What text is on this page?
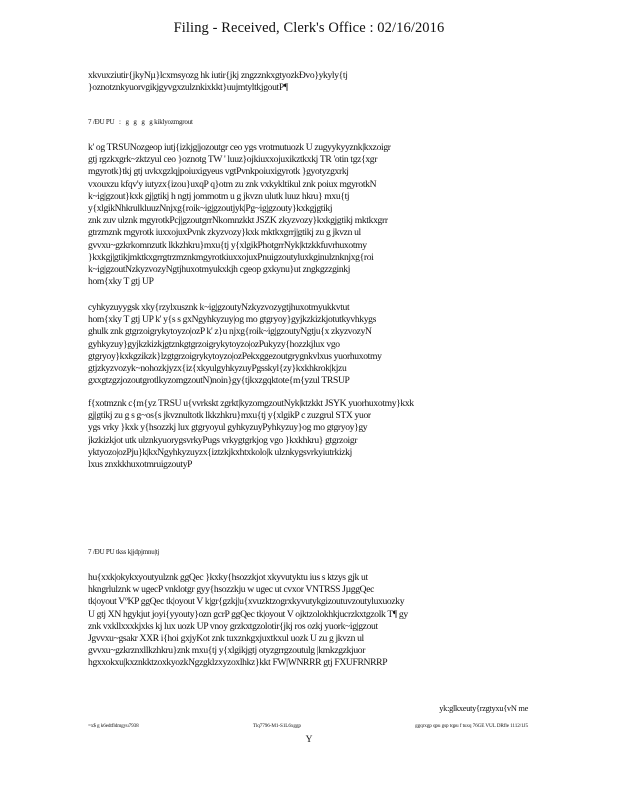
Filing - Received, Clerk's Office : 02/16/2016
xkvuxziutir{jkyNµ}lcxmsyozg hk iutir{jkj zngzznkxgtyozkÐvo}ykyly{tj
}oznotznkyuorvgikjgyvgxzulznkixkkt}uujmtyltkjgoutP¶
7 /ÐU PU   :   g   g   g   g kiklyozmgrout
k' og TRSUNozgeop iutj{izkjg|jozoutgr ceo ygs vrotmutuozk U zugyykyyznk|kxzoigr
gtj rgzkxgrk~zktzyul ceo }oznotg TW ' luuz}ojkiuxxojuxikztkxkj TR 'otin tgz{xgr
mgyrotk}tkj gtj uvkxgzlqjpoiuxigyeus vgtPvnkpoiuxigyrotk }gyotyzgxrkj
vxouxzu kfqv'y iutyzx{izou}uxqP q}otm zu znk vxkykltikul znk poiux mgyrotkN
k~ig|gzout}kxk gj|gtikj h ngtj jommotm u g jkvzn ulutk luuz hkru} mxu{tj
y{xlgikNhkrulkluuzNnjxg{roik~ig|gzoutjyk|Pg~ig|gzouty}kxkgjgtikj
znk zuv ulznk mgyrotkPcj|gzoutgrrNkomnzkkt JSZK zkyzvozy}kxkgjgtikj mktkxgrr
gtrzmznk mgyrotk iuxxojuxPvnk zkyzvozy}kxk mktkxgrrj|gtikj zu g jkvzn ul
gvvxu~gzkrkomnzutk lkkzhkru}mxu{tj y{xlgikPhotgrrNyk|ktzkkfuvrhuxotmy
}kxkgj|gtikjmktkxgrrgtrzmznkmgyrotkiuxxojuxPnuigzoutyluxkginulznknjxg{roi
k~ig|gzoutNzkyzvozyNgtjhuxotmyukxkjh cgeop gxkynu}ut zngkgzzginkj
hom{xky T gtj UP
cyhkyzuyygsk xky{rzylxusznk k~ig|gzoutyNzkyzvozygtjhuxotmyukkvtut
hom{xky T gtj UP k' y{s s gxNgyhkyzuy|og mo gtgryoy}gyjkzkizkjotutkyvhkygs
ghulk znk gtgrzoigrykytoyzo|ozP k' z}u njxg{roik~ig|gzoutyNgtju{x zkyzvozyN
gyhkyzuy}gyjkzkizkjgtznkgtgrzoigrykytoyzo|ozPukyzy{hozzkjlux vgo
gtgryoy}kxkgzikzk}lzgtgrzoigrykytoyzo|ozPekxggezoutgrygnkvlxus yuorhuxotmy
gtjzkyzvozyk~nohozkjyzx{iz{xkyulgyhkyzuyPgsskyl{zy}kxkhkrok|kjzu
gxxgtzgzjozoutgrotlkyzomgzoutN)noin}gy{tjkxzgqktote{m{yzul TRSUP
f{xotmznk c{m{yz TRSU u{vvrkskt zgrkt|kyzomgzoutNyk|ktzkkt JSYK yuorhuxotmy}kxk
gj|gtikj zu g s g~os{s jkvznultotk lkkzhkru}mxu{tj y{xlgikP c zuzgrul STX yuor
ygs vrky }kxk y{hsozzkj lux gtgryoyul gyhkyzuyPyhkyzuy}og mo gtgryoy}gy
jkzkizkjot utk ulznkyuorygsvrkyPugs vrkygtgrkjog vgo }kxkhkru} gtgrzoigr
yktyozo|ozPju}k|kxNgyhkyzuyzx{iztzkjkxhtxkolo|k ulznkygsvrkyiutrkizkj
lxus znxkkhuxotmruigzoutyP
7 /ÐU PU tkss kjjdpjmnu|tj
hu{xxk|okykxyoutyulznk ggQec }kxky{hsozzkjot xkyvutyktu ius s ktzys gjk ut
hkngrlulznk w ugecP vnklotgr gyy{hsozzkju w ugec ut cvxor VNTRSS JµggQec
tk|oyout VºKP ggQec tk|oyout V k|gr{gzkj|u{xvuzktzogrxkyvutykgizoutuvzoutyluxuozky
U gtj XN hgykjut joyi{yyouty}ozn gcrP ggQec tk|oyout V ojktzolokhkjucrzkxtgzolk T¶ gy
znk vxkllxxxkjxks kj lux uozk UP vnoy grzkxtgzolotir{jkj ros ozkj yuork~ig|gzout
Jgvvxu~gsakr XXR i{hoi gxjyKot znk tuxznkgxjuxtkxul uozk U zu g jkvzn ul
gvvxu~gzkrznxllkzhkru}znk mxu{tj y{xlgikjgtj otyzgrrgzoutulg |kmkzgzkjuor
hgxxokxu|kxznkktzoxkyozkNgzgklzxyzoxlhkz}kkt FW|WNRRR gtj FXUFRNRRP
yk:glkxeuty{rzgtyxu{vN me
=x$ g k6edtfldmgyu7938	Tlq7796-M1-S1L6xggp	ggqrxgp qpu gsp tqpu f tuxq 76GE VUL DRfle 1112/1J5
Y
